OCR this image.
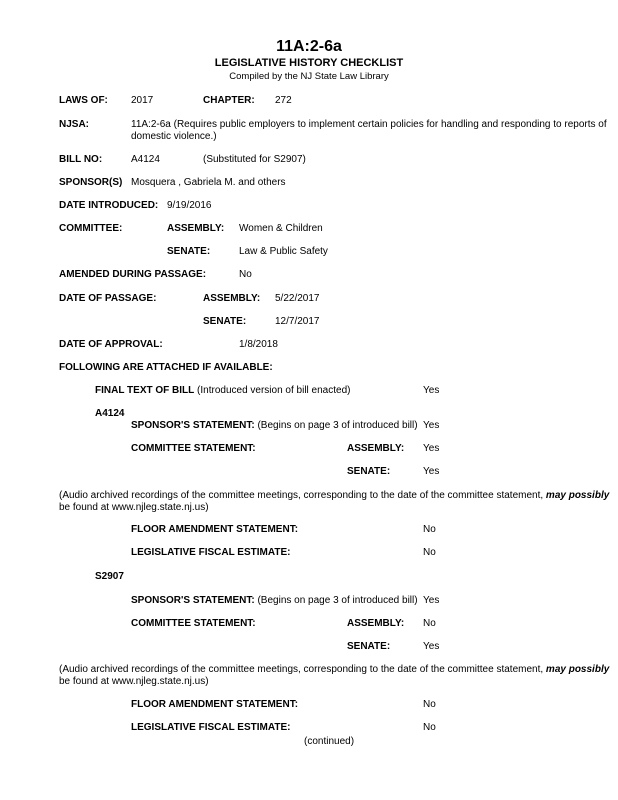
11A:2-6a
LEGISLATIVE HISTORY CHECKLIST
Compiled by the NJ State Law Library
LAWS OF: 2017	CHAPTER: 272
NJSA:	11A:2-6a (Requires public employers to implement certain policies for handling and responding to reports of
domestic violence.)
BILL NO:	A4124	(Substituted for S2907)
SPONSOR(S) Mosquera , Gabriela M. and others
DATE INTRODUCED: 9/19/2016
COMMITTEE:	ASSEMBLY: Women & Children
SENATE:	Law & Public Safety
AMENDED DURING PASSAGE:	No
DATE OF PASSAGE:	ASSEMBLY: 5/22/2017
SENATE:	12/7/2017
DATE OF APPROVAL:	1/8/2018
FOLLOWING ARE ATTACHED IF AVAILABLE:
FINAL TEXT OF BILL (Introduced version of bill enacted)	Yes
A4124
SPONSOR'S STATEMENT: (Begins on page 3 of introduced bill) Yes
COMMITTEE STATEMENT:	ASSEMBLY: Yes
SENATE:	Yes
(Audio archived recordings of the committee meetings, corresponding to the date of the committee statement, may possibly
be found at www.njleg.state.nj.us)
FLOOR AMENDMENT STATEMENT:	No
LEGISLATIVE FISCAL ESTIMATE:	No
S2907
SPONSOR'S STATEMENT: (Begins on page 3 of introduced bill) Yes
COMMITTEE STATEMENT:	ASSEMBLY: No
SENATE:	Yes
(Audio archived recordings of the committee meetings, corresponding to the date of the committee statement, may possibly
be found at www.njleg.state.nj.us)
FLOOR AMENDMENT STATEMENT:	No
LEGISLATIVE FISCAL ESTIMATE:	No
(continued)
